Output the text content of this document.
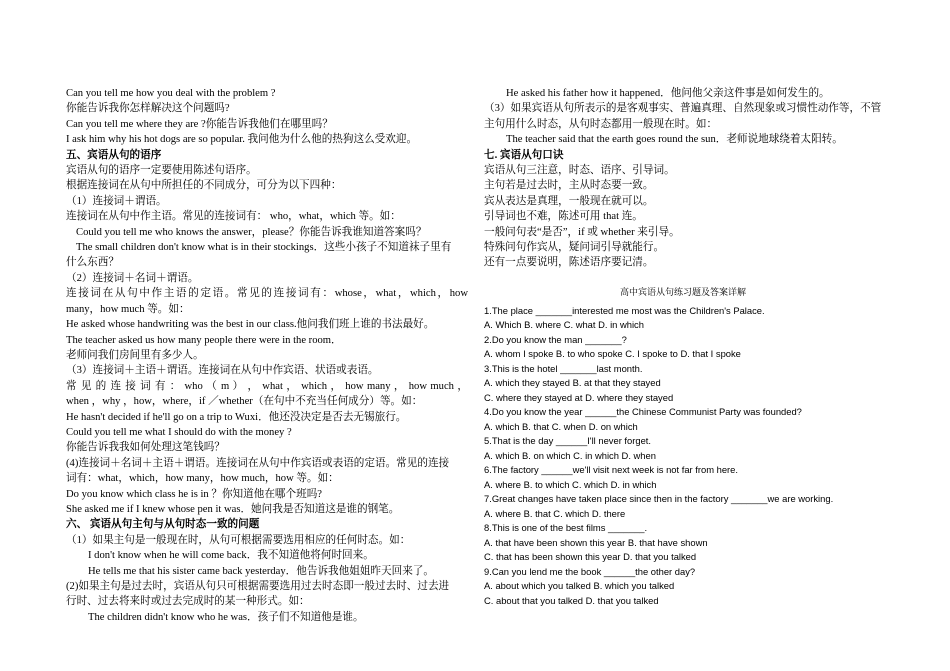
Can you tell me how you deal with the problem ?
你能告诉我你怎样解决这个问题吗?
Can you tell me where they are ?你能告诉我他们在哪里吗？
I ask him why his hot dogs are so popular. 我问他为什么他的热狗这么受欢迎。
五、宾语从句的语序
宾语从句的语序一定要使用陈述句语序。
根据连接词在从句中所担任的不同成分，可分为以下四种：
（1）连接词＋谓语。
连接词在从句中作主语。常见的连接词有： who，what，which 等。如：
Could you tell me who knows the answer，please？你能告诉我谁知道答案吗？
The small children don't know what is in their stockings．这些小孩子不知道袜子里有
什么东西？
（2）连接词＋名词＋谓语。
连接词在从句中作主语的定语。常见的连接词有：whose，what，which，how
many，how much 等。如：
He asked whose handwriting was the best in our class.他问我们班上谁的书法最好。
The teacher asked us how many people there were in the room．
老师问我们房间里有多少人。
（3）连接词＋主语＋谓语。连接词在从句中作宾语、状语或表语。
常 见 的 连 接 词 有 ： who （ m ） ， what ， which ， how many ， how much ，
when ，why ，how，where，if ／whether（在句中不充当任何成分）等。如：
He hasn't decided if he'll go on a trip to Wuxi．他还没决定是否去无锡旅行。
Could you tell me what I should do with the money ?
你能告诉我我如何处理这笔钱吗？
(4)连接词＋名词＋主语＋谓语。连接词在从句中作宾语或表语的定语。常见的连接
词有：what，which，how many，how much，how 等。如：
Do you know which class he is in ？你知道他在哪个班吗?
She asked me if I knew whose pen it was．她问我是否知道这是谁的钢笔。
六、 宾语从句主句与从句时态一致的问题
（1）如果主句是一般现在时，从句可根据需要选用相应的任何时态。如：
I don't know when he will come back．我不知道他将何时回来。
He tells me that his sister came back yesterday．他告诉我他姐姐昨天回来了。
(2)如果主句是过去时，宾语从句只可根据需要选用过去时态即一般过去时、过去进
行时、过去将来时或过去完成时的某一种形式。如：
The children didn't know who he was．孩子们不知道他是谁。
He asked his father how it happened．他问他父亲这件事是如何发生的。
（3）如果宾语从句所表示的是客观事实、普遍真理、自然现象或习惯性动作等，不管
主句用什么时态，从句时态都用一般现在时。如：
The teacher said that the earth goes round the sun．老师说地球绕着太阳转。
七. 宾语从句口诀
宾语从句三注意，时态、语序、引导词。
主句若是过去时，主从时态要一致。
宾从表达是真理，一般现在就可以。
引导词也不难，陈述可用 that 连。
一般问句表“是否”，if 或 whether 来引导。
特殊问句作宾从，疑问词引导就能行。
还有一点要说明，陈述语序要记清。
高中宾语从句练习题及答案详解
1.The place _______interested me most was the Children's Palace.
A. Which B. where C. what D. in which
2.Do you know the man _______?
A. whom I spoke B. to who spoke C. I spoke to D. that I spoke
3.This is the hotel _______last month.
A. which they stayed B. at that they stayed
C. where they stayed at D. where they stayed
4.Do you know the year ______the Chinese Communist Party was founded?
A. which B. that C. when D. on which
5.That is the day ______I'll never forget.
A. which B. on which C. in which D. when
6.The factory ______we'll visit next week is not far from here.
A. where B. to which C. which D. in which
7.Great changes have taken place since then in the factory _______we are working.
A. where B. that C. which D. there
8.This is one of the best films _______.
A. that have been shown this year B. that have shown
C. that has been shown this year D. that you talked
9.Can you lend me the book ______the other day?
A. about which you talked B. which you talked
C. about that you talked D. that you talked
